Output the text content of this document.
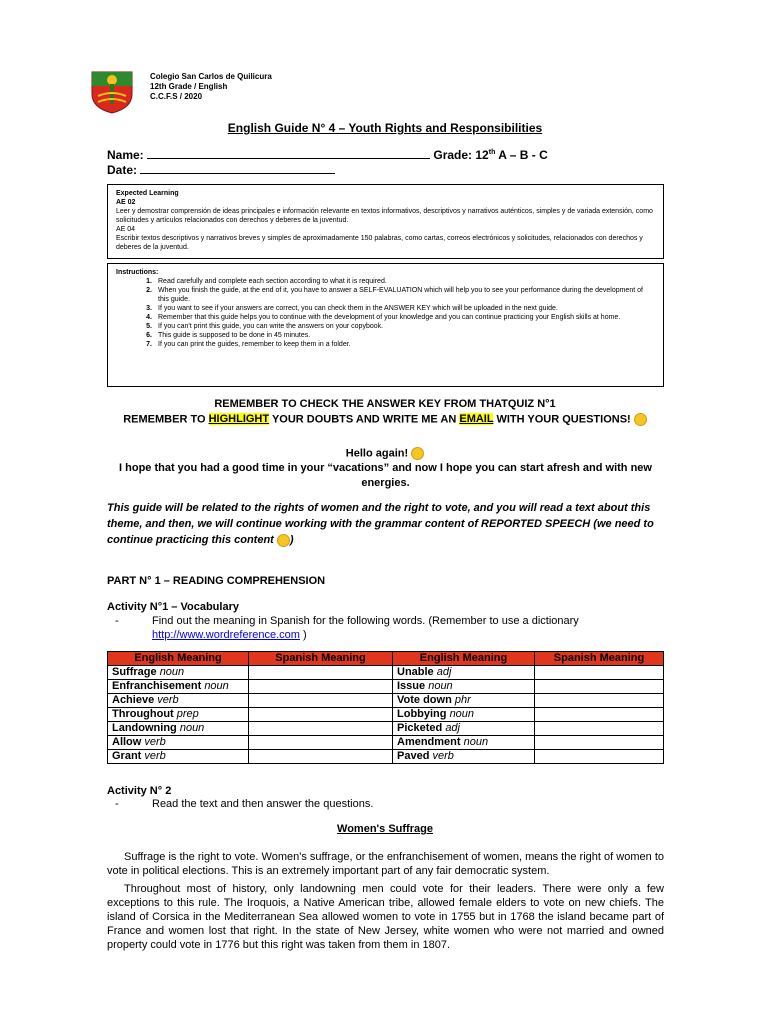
Colegio San Carlos de Quilicura
12th Grade / English
C.C.F.S / 2020
English Guide N° 4 – Youth Rights and Responsibilities
Name:	Grade: 12th A – B - C
Date:
Expected Learning
AE 02
Leer y demostrar comprensión de ideas principales e información relevante en textos informativos, descriptivos y narrativos auténticos, simples y de variada extensión, como solicitudes y artículos relacionados con derechos y deberes de la juventud.
AE 04
Escribir textos descriptivos y narrativos breves y simples de aproximadamente 150 palabras, como cartas, correos electrónicos y solicitudes, relacionados con derechos y deberes de la juventud.
Instructions:
1. Read carefully and complete each section according to what it is required.
2. When you finish the guide, at the end of it, you have to answer a SELF-EVALUATION which will help you to see your performance during the development of this guide.
3. If you want to see if your answers are correct, you can check them in the ANSWER KEY which will be uploaded in the next guide.
4. Remember that this guide helps you to continue with the development of your knowledge and you can continue practicing your English skills at home.
5. If you can't print this guide, you can write the answers on your copybook.
6. This guide is supposed to be done in 45 minutes.
7. If you can print the guides, remember to keep them in a folder.
REMEMBER TO CHECK THE ANSWER KEY FROM THATQUIZ N°1
REMEMBER TO HIGHLIGHT YOUR DOUBTS AND WRITE ME AN EMAIL WITH YOUR QUESTIONS!
Hello again!
I hope that you had a good time in your “vacations” and now I hope you can start afresh and with new energies.
This guide will be related to the rights of women and the right to vote, and you will read a text about this theme, and then, we will continue working with the grammar content of REPORTED SPEECH (we need to continue practicing this content )
PART N° 1 – READING COMPREHENSION
Activity N°1 – Vocabulary
-	Find out the meaning in Spanish for the following words. (Remember to use a dictionary
http://www.wordreference.com )
English Meaning	Spanish Meaning	English Meaning	Spanish Meaning
Suffrage noun		Unable adj	
Enfranchisement noun		Issue noun	
Achieve verb		Vote down phr	
Throughout prep		Lobbying noun	
Landowning noun		Picketed adj	
Allow verb		Amendment noun	
Grant verb		Paved verb	
Activity N° 2
-	Read the text and then answer the questions.
Women's Suffrage
Suffrage is the right to vote. Women's suffrage, or the enfranchisement of women, means the right of women to vote in political elections. This is an extremely important part of any fair democratic system.
Throughout most of history, only landowning men could vote for their leaders. There were only a few exceptions to this rule. The Iroquois, a Native American tribe, allowed female elders to vote on new chiefs. The island of Corsica in the Mediterranean Sea allowed women to vote in 1755 but in 1768 the island became part of France and women lost that right. In the state of New Jersey, white women who were not married and owned property could vote in 1776 but this right was taken from them in 1807.
